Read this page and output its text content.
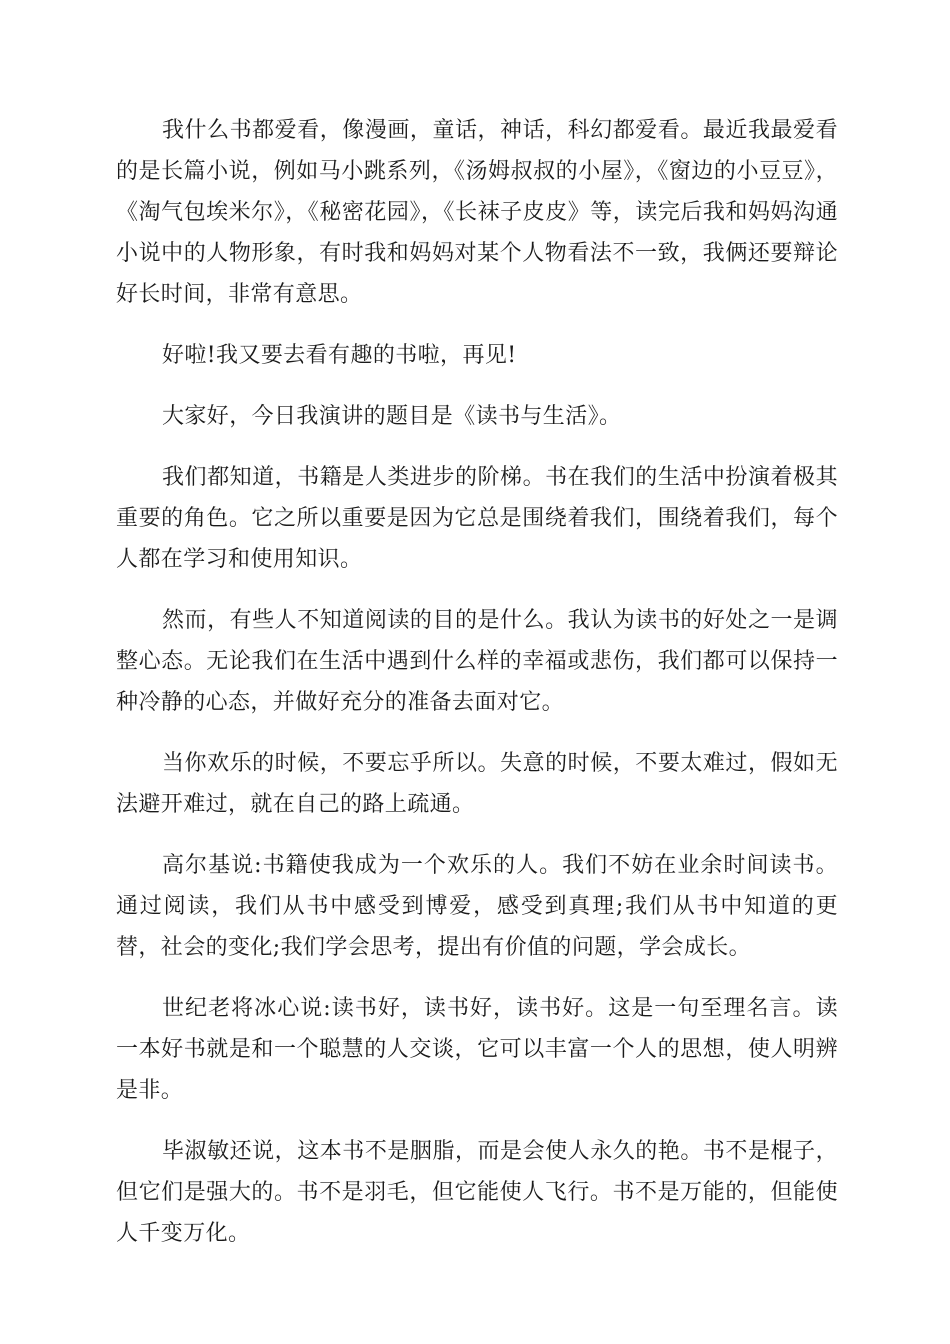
我什么书都爱看，像漫画，童话，神话，科幻都爱看。最近我最爱看的是长篇小说，例如马小跳系列，《汤姆叔叔的小屋》，《窗边的小豆豆》，《淘气包埃米尔》，《秘密花园》，《长袜子皮皮》等，读完后我和妈妈沟通小说中的人物形象，有时我和妈妈对某个人物看法不一致，我俩还要辩论好长时间，非常有意思。

好啦!我又要去看有趣的书啦，再见!

大家好，今日我演讲的题目是《读书与生活》。

我们都知道，书籍是人类进步的阶梯。书在我们的生活中扮演着极其重要的角色。它之所以重要是因为它总是围绕着我们，围绕着我们，每个人都在学习和使用知识。

然而，有些人不知道阅读的目的是什么。我认为读书的好处之一是调整心态。无论我们在生活中遇到什么样的幸福或悲伤，我们都可以保持一种冷静的心态，并做好充分的准备去面对它。

当你欢乐的时候，不要忘乎所以。失意的时候，不要太难过，假如无法避开难过，就在自己的路上疏通。

高尔基说:书籍使我成为一个欢乐的人。我们不妨在业余时间读书。通过阅读，我们从书中感受到博爱，感受到真理;我们从书中知道的更替，社会的变化;我们学会思考，提出有价值的问题，学会成长。

世纪老将冰心说:读书好，读书好，读书好。这是一句至理名言。读一本好书就是和一个聪慧的人交谈，它可以丰富一个人的思想，使人明辨是非。

毕淑敏还说，这本书不是胭脂，而是会使人永久的艳。书不是棍子，但它们是强大的。书不是羽毛，但它能使人飞行。书不是万能的，但能使人千变万化。
